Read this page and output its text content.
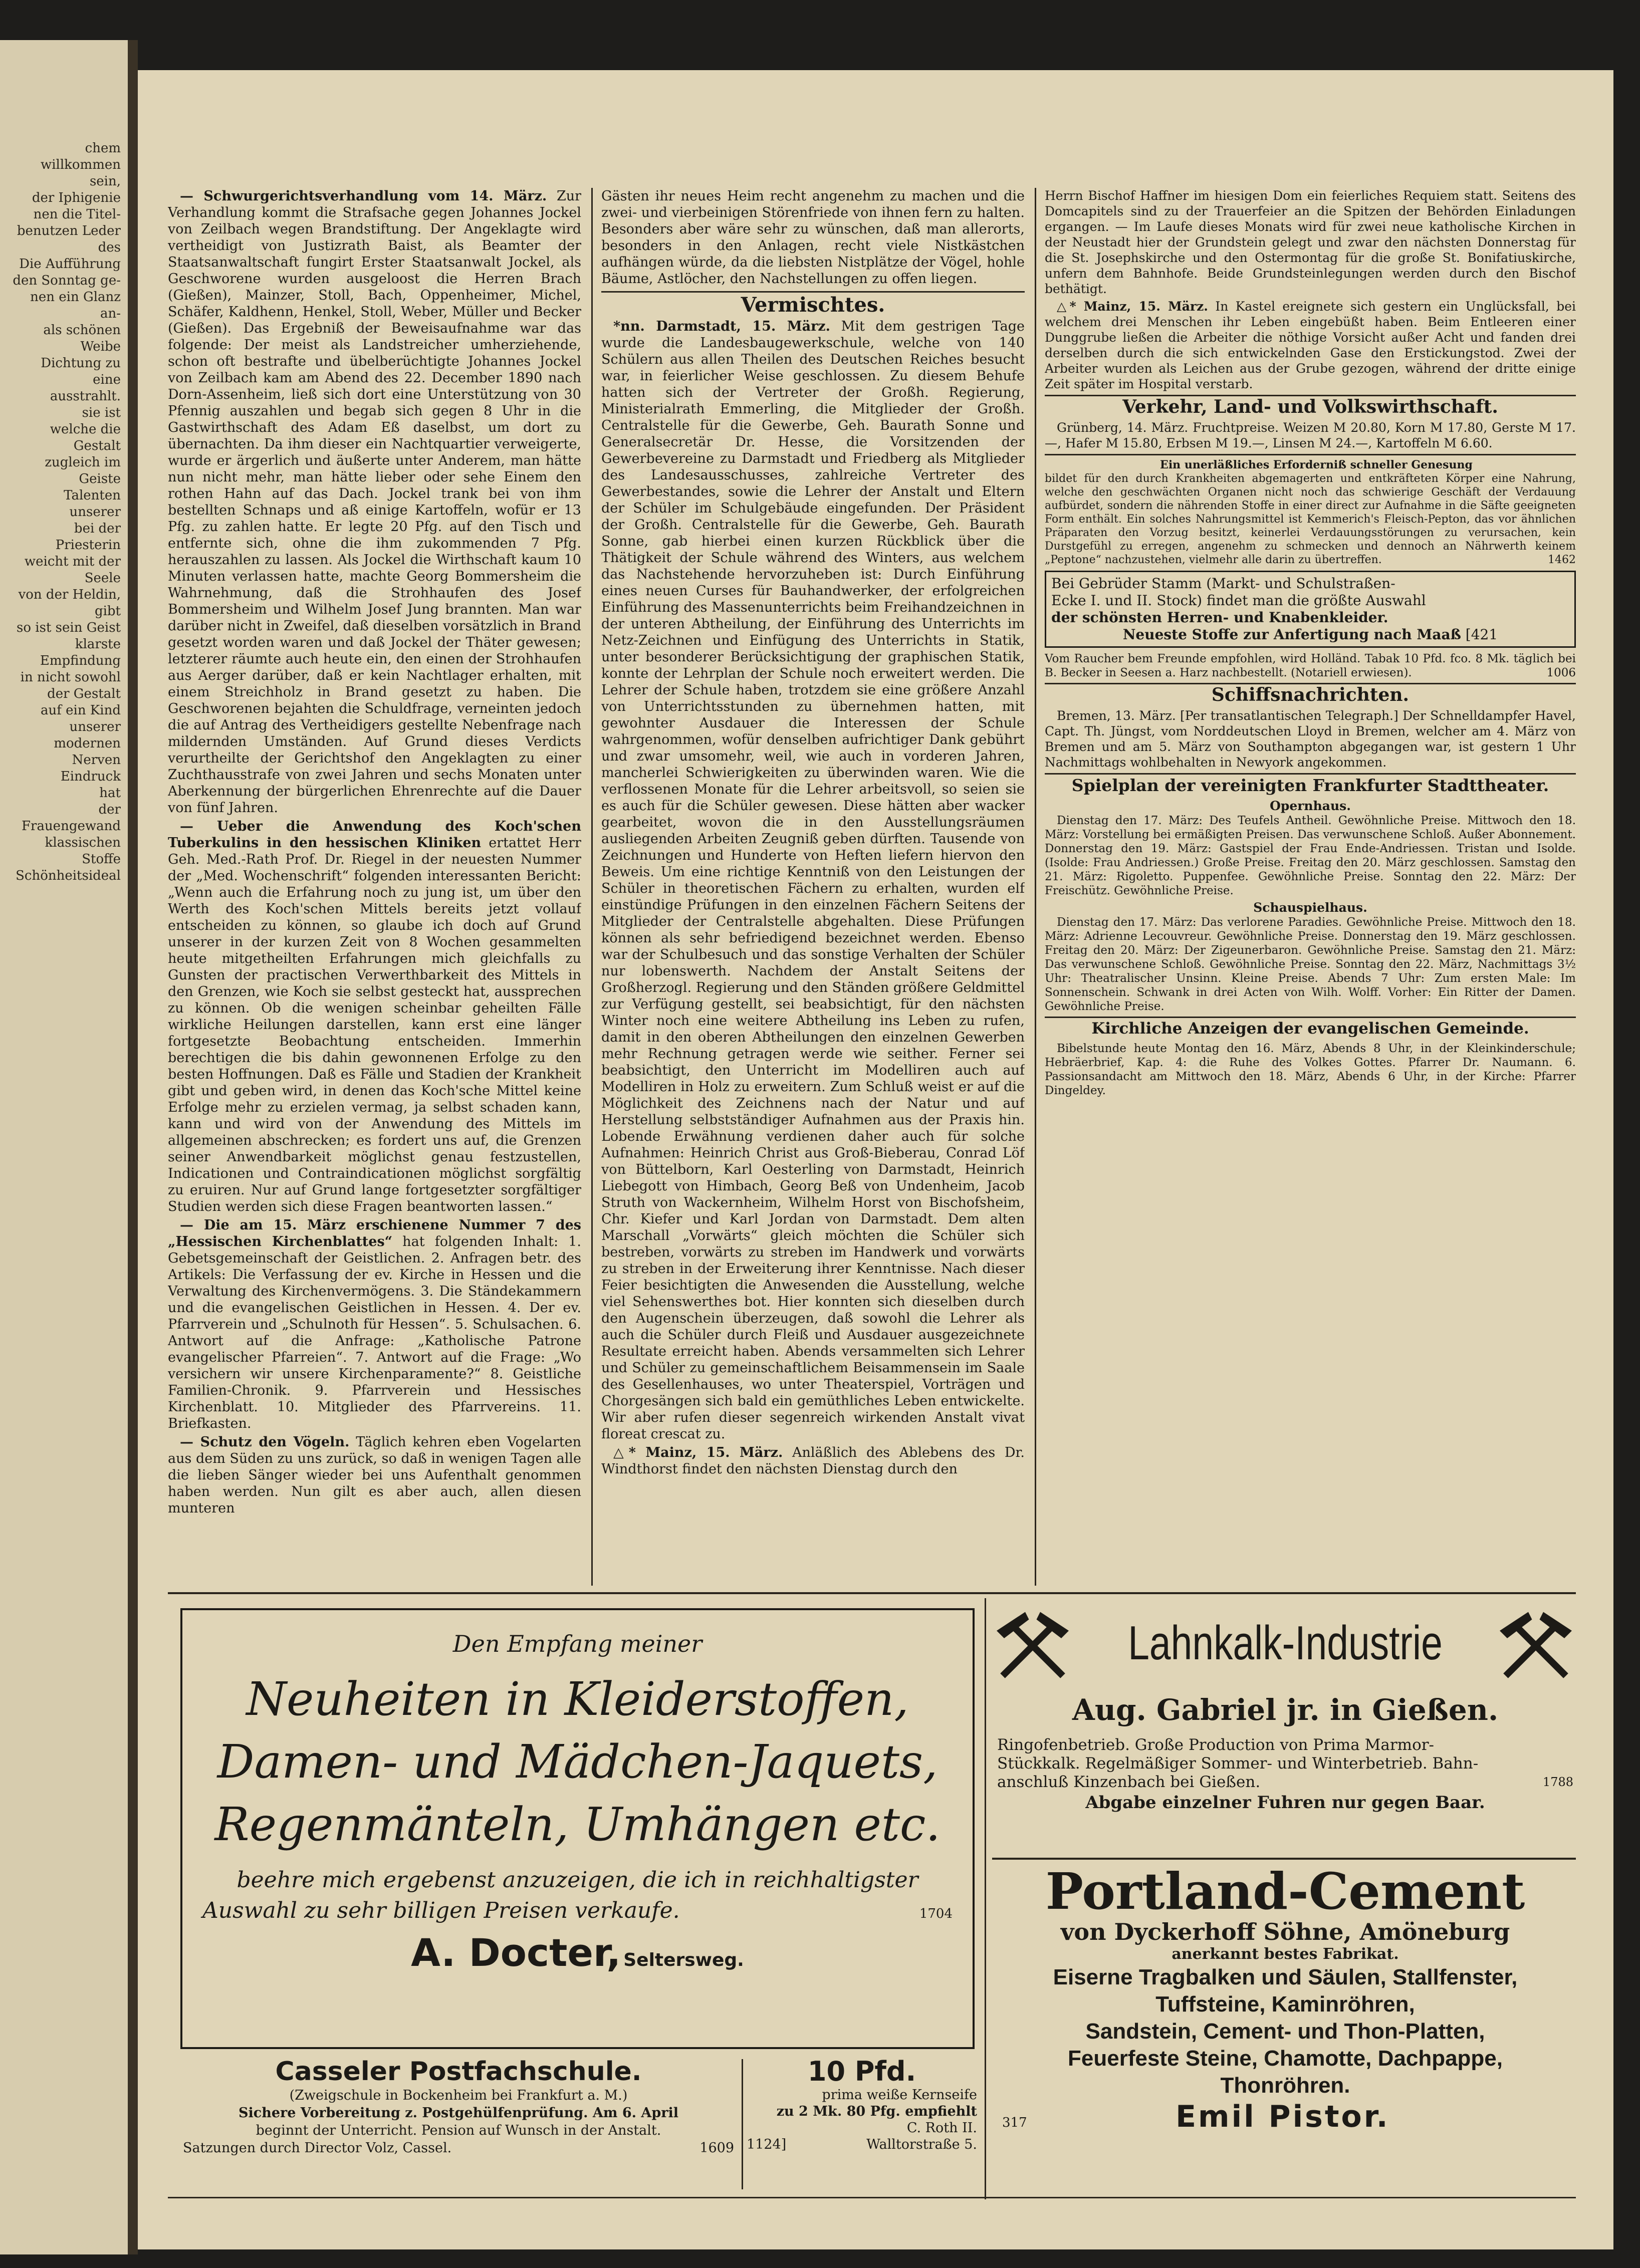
chem willkommen sein,
der Iphigenie
nen die Titel-
benutzen Leder des
Die Aufführung
den Sonntag ge-
nen ein Glanz an-
als schönen Weibe
Dichtung zu eine
ausstrahlt.
sie ist
welche die Gestalt
zugleich im Geiste
Talenten unserer
bei der Priesterin
weicht mit der Seele
von der Heldin, gibt
so ist sein Geist
klarste Empfindung
in nicht sowohl
der Gestalt
auf ein Kind unserer
modernen Nerven
Eindruck
hat
der Frauengewand
klassischen Stoffe
Schönheitsideal

— Schwurgerichtsverhandlung vom 14. März. Zur Verhandlung kommt die Strafsache gegen Johannes Jockel von Zeilbach wegen Brandstiftung. Der Angeklagte wird vertheidigt von Justizrath Baist, als Beamter der Staatsanwaltschaft fungirt Erster Staatsanwalt Jockel, als Geschworene wurden ausgeloost die Herren Brach (Gießen), Mainzer, Stoll, Bach, Oppenheimer, Michel, Schäfer, Kaldhenn, Henkel, Stoll, Weber, Müller und Becker (Gießen). Das Ergebniß der Beweisaufnahme war das folgende: Der meist als Landstreicher umherziehende, schon oft bestrafte und übelberüchtigte Johannes Jockel von Zeilbach kam am Abend des 22. December 1890 nach Dorn-Assenheim, ließ sich dort eine Unterstützung von 30 Pfennig auszahlen und begab sich gegen 8 Uhr in die Gastwirthschaft des Adam Eß daselbst, um dort zu übernachten. Da ihm dieser ein Nachtquartier verweigerte, wurde er ärgerlich und äußerte unter Anderem, man hätte nun nicht mehr, man hätte lieber oder sehe Einem den rothen Hahn auf das Dach. Jockel trank bei von ihm bestellten Schnaps und aß einige Kartoffeln, wofür er 13 Pfg. zu zahlen hatte. Er legte 20 Pfg. auf den Tisch und entfernte sich, ohne die ihm zukommenden 7 Pfg. herauszahlen zu lassen. Als Jockel die Wirthschaft kaum 10 Minuten verlassen hatte, machte Georg Bommersheim die Wahrnehmung, daß die Strohhaufen des Josef Bommersheim und Wilhelm Josef Jung brannten. Man war darüber nicht in Zweifel, daß dieselben vorsätzlich in Brand gesetzt worden waren und daß Jockel der Thäter gewesen; letzterer räumte auch heute ein, den einen der Strohhaufen aus Aerger darüber, daß er kein Nachtlager erhalten, mit einem Streichholz in Brand gesetzt zu haben. Die Geschworenen bejahten die Schuldfrage, verneinten jedoch die auf Antrag des Vertheidigers gestellte Nebenfrage nach mildernden Umständen. Auf Grund dieses Verdicts verurtheilte der Gerichtshof den Angeklagten zu einer Zuchthausstrafe von zwei Jahren und sechs Monaten unter Aberkennung der bürgerlichen Ehrenrechte auf die Dauer von fünf Jahren.

— Ueber die Anwendung des Koch'schen Tuberkulins in den hessischen Kliniken ertattet Herr Geh. Med.-Rath Prof. Dr. Riegel in der neuesten Nummer der „Med. Wochenschrift“ folgenden interessanten Bericht: „Wenn auch die Erfahrung noch zu jung ist, um über den Werth des Koch'schen Mittels bereits jetzt vollauf entscheiden zu können, so glaube ich doch auf Grund unserer in der kurzen Zeit von 8 Wochen gesammelten heute mitgetheilten Erfahrungen mich gleichfalls zu Gunsten der practischen Verwerthbarkeit des Mittels in den Grenzen, wie Koch sie selbst gesteckt hat, aussprechen zu können. Ob die wenigen scheinbar geheilten Fälle wirkliche Heilungen darstellen, kann erst eine länger fortgesetzte Beobachtung entscheiden. Immerhin berechtigen die bis dahin gewonnenen Erfolge zu den besten Hoffnungen. Daß es Fälle und Stadien der Krankheit gibt und geben wird, in denen das Koch'sche Mittel keine Erfolge mehr zu erzielen vermag, ja selbst schaden kann, kann und wird von der Anwendung des Mittels im allgemeinen abschrecken; es fordert uns auf, die Grenzen seiner Anwendbarkeit möglichst genau festzustellen, Indicationen und Contraindicationen möglichst sorgfältig zu eruiren. Nur auf Grund lange fortgesetzter sorgfältiger Studien werden sich diese Fragen beantworten lassen.“

— Die am 15. März erschienene Nummer 7 des „Hessischen Kirchenblattes“ hat folgenden Inhalt: 1. Gebetsgemeinschaft der Geistlichen. 2. Anfragen betr. des Artikels: Die Verfassung der ev. Kirche in Hessen und die Verwaltung des Kirchenvermögens. 3. Die Ständekammern und die evangelischen Geistlichen in Hessen. 4. Der ev. Pfarrverein und „Schulnoth für Hessen“. 5. Schulsachen. 6. Antwort auf die Anfrage: „Katholische Patrone evangelischer Pfarreien“. 7. Antwort auf die Frage: „Wo versichern wir unsere Kirchenparamente?“ 8. Geistliche Familien-Chronik. 9. Pfarrverein und Hessisches Kirchenblatt. 10. Mitglieder des Pfarrvereins. 11. Briefkasten.

— Schutz den Vögeln. Täglich kehren eben Vogelarten aus dem Süden zu uns zurück, so daß in wenigen Tagen alle die lieben Sänger wieder bei uns Aufenthalt genommen haben werden. Nun gilt es aber auch, allen diesen munteren

Gästen ihr neues Heim recht angenehm zu machen und die zwei- und vierbeinigen Störenfriede von ihnen fern zu halten. Besonders aber wäre sehr zu wünschen, daß man allerorts, besonders in den Anlagen, recht viele Nistkästchen aufhängen würde, da die liebsten Nistplätze der Vögel, hohle Bäume, Astlöcher, den Nachstellungen zu offen liegen.

Vermischtes.

*nn. Darmstadt, 15. März. Mit dem gestrigen Tage wurde die Landesbaugewerkschule, welche von 140 Schülern aus allen Theilen des Deutschen Reiches besucht war, in feierlicher Weise geschlossen. Zu diesem Behufe hatten sich der Vertreter der Großh. Regierung, Ministerialrath Emmerling, die Mitglieder der Großh. Centralstelle für die Gewerbe, Geh. Baurath Sonne und Generalsecretär Dr. Hesse, die Vorsitzenden der Gewerbevereine zu Darmstadt und Friedberg als Mitglieder des Landesausschusses, zahlreiche Vertreter des Gewerbestandes, sowie die Lehrer der Anstalt und Eltern der Schüler im Schulgebäude eingefunden. Der Präsident der Großh. Centralstelle für die Gewerbe, Geh. Baurath Sonne, gab hierbei einen kurzen Rückblick über die Thätigkeit der Schule während des Winters, aus welchem das Nachstehende hervorzuheben ist: Durch Einführung eines neuen Curses für Bauhandwerker, der erfolgreichen Einführung des Massenunterrichts beim Freihandzeichnen in der unteren Abtheilung, der Einführung des Unterrichts im Netz-Zeichnen und Einfügung des Unterrichts in Statik, unter besonderer Berücksichtigung der graphischen Statik, konnte der Lehrplan der Schule noch erweitert werden. Die Lehrer der Schule haben, trotzdem sie eine größere Anzahl von Unterrichtsstunden zu übernehmen hatten, mit gewohnter Ausdauer die Interessen der Schule wahrgenommen, wofür denselben aufrichtiger Dank gebührt und zwar umsomehr, weil, wie auch in vorderen Jahren, mancherlei Schwierigkeiten zu überwinden waren. Wie die verflossenen Monate für die Lehrer arbeitsvoll, so seien sie es auch für die Schüler gewesen. Diese hätten aber wacker gearbeitet, wovon die in den Ausstellungsräumen ausliegenden Arbeiten Zeugniß geben dürften. Tausende von Zeichnungen und Hunderte von Heften liefern hiervon den Beweis. Um eine richtige Kenntniß von den Leistungen der Schüler in theoretischen Fächern zu erhalten, wurden elf einstündige Prüfungen in den einzelnen Fächern Seitens der Mitglieder der Centralstelle abgehalten. Diese Prüfungen können als sehr befriedigend bezeichnet werden. Ebenso war der Schulbesuch und das sonstige Verhalten der Schüler nur lobenswerth. Nachdem der Anstalt Seitens der Großherzogl. Regierung und den Ständen größere Geldmittel zur Verfügung gestellt, sei beabsichtigt, für den nächsten Winter noch eine weitere Abtheilung ins Leben zu rufen, damit in den oberen Abtheilungen den einzelnen Gewerben mehr Rechnung getragen werde wie seither. Ferner sei beabsichtigt, den Unterricht im Modelliren auch auf Modelliren in Holz zu erweitern. Zum Schluß weist er auf die Möglichkeit des Zeichnens nach der Natur und auf Herstellung selbstständiger Aufnahmen aus der Praxis hin. Lobende Erwähnung verdienen daher auch für solche Aufnahmen: Heinrich Christ aus Groß-Bieberau, Conrad Löf von Büttelborn, Karl Oesterling von Darmstadt, Heinrich Liebegott von Himbach, Georg Beß von Undenheim, Jacob Struth von Wackernheim, Wilhelm Horst von Bischofsheim, Chr. Kiefer und Karl Jordan von Darmstadt. Dem alten Marschall „Vorwärts“ gleich möchten die Schüler sich bestreben, vorwärts zu streben im Handwerk und vorwärts zu streben in der Erweiterung ihrer Kenntnisse. Nach dieser Feier besichtigten die Anwesenden die Ausstellung, welche viel Sehenswerthes bot. Hier konnten sich dieselben durch den Augenschein überzeugen, daß sowohl die Lehrer als auch die Schüler durch Fleiß und Ausdauer ausgezeichnete Resultate erreicht haben. Abends versammelten sich Lehrer und Schüler zu gemeinschaftlichem Beisammensein im Saale des Gesellenhauses, wo unter Theaterspiel, Vorträgen und Chorgesängen sich bald ein gemüthliches Leben entwickelte. Wir aber rufen dieser segenreich wirkenden Anstalt vivat floreat crescat zu.

△* Mainz, 15. März. Anläßlich des Ablebens des Dr. Windthorst findet den nächsten Dienstag durch den

Herrn Bischof Haffner im hiesigen Dom ein feierliches Requiem statt. Seitens des Domcapitels sind zu der Trauerfeier an die Spitzen der Behörden Einladungen ergangen. — Im Laufe dieses Monats wird für zwei neue katholische Kirchen in der Neustadt hier der Grundstein gelegt und zwar den nächsten Donnerstag für die St. Josephskirche und den Ostermontag für die große St. Bonifatiuskirche, unfern dem Bahnhofe. Beide Grundsteinlegungen werden durch den Bischof bethätigt.

△* Mainz, 15. März. In Kastel ereignete sich gestern ein Unglücksfall, bei welchem drei Menschen ihr Leben eingebüßt haben. Beim Entleeren einer Dunggrube ließen die Arbeiter die nöthige Vorsicht außer Acht und fanden drei derselben durch die sich entwickelnden Gase den Erstickungstod. Zwei der Arbeiter wurden als Leichen aus der Grube gezogen, während der dritte einige Zeit später im Hospital verstarb.

Verkehr, Land- und Volkswirthschaft.

Grünberg, 14. März. Fruchtpreise. Weizen M 20.80, Korn M 17.80, Gerste M 17.—, Hafer M 15.80, Erbsen M 19.—, Linsen M 24.—, Kartoffeln M 6.60.

Ein unerläßliches Erforderniß schneller Genesung
bildet für den durch Krankheiten abgemagerten und entkräfteten Körper eine Nahrung, welche den geschwächten Organen nicht noch das schwierige Geschäft der Verdauung aufbürdet, sondern die nährenden Stoffe in einer direct zur Aufnahme in die Säfte geeigneten Form enthält. Ein solches Nahrungsmittel ist Kemmerich's Fleisch-Pepton, das vor ähnlichen Präparaten den Vorzug besitzt, keinerlei Verdauungsstörungen zu verursachen, kein Durstgefühl zu erregen, angenehm zu schmecken und dennoch an Nährwerth keinem „Peptone“ nachzustehen, vielmehr alle darin zu übertreffen.	1462

Bei Gebrüder Stamm (Markt- und Schulstraßen-
Ecke I. und II. Stock) findet man die größte Auswahl
der schönsten Herren- und Knabenkleider.
Neueste Stoffe zur Anfertigung nach Maaß [421

Vom Raucher bem Freunde empfohlen, wird Holländ. Tabak 10 Pfd. fco. 8 Mk. täglich bei B. Becker in Seesen a. Harz nachbestellt. (Notariell erwiesen).	1006

Schiffsnachrichten.

Bremen, 13. März. [Per transatlantischen Telegraph.] Der Schnelldampfer Havel, Capt. Th. Jüngst, vom Norddeutschen Lloyd in Bremen, welcher am 4. März von Bremen und am 5. März von Southampton abgegangen war, ist gestern 1 Uhr Nachmittags wohlbehalten in Newyork angekommen.

Spielplan der vereinigten Frankfurter Stadttheater.
Opernhaus.

Dienstag den 17. März: Des Teufels Antheil. Gewöhnliche Preise. Mittwoch den 18. März: Vorstellung bei ermäßigten Preisen. Das verwunschene Schloß. Außer Abonnement. Donnerstag den 19. März: Gastspiel der Frau Ende-Andriessen. Tristan und Isolde. (Isolde: Frau Andriessen.) Große Preise. Freitag den 20. März geschlossen. Samstag den 21. März: Rigoletto. Puppenfee. Gewöhnliche Preise. Sonntag den 22. März: Der Freischütz. Gewöhnliche Preise.

Schauspielhaus.

Dienstag den 17. März: Das verlorene Paradies. Gewöhnliche Preise. Mittwoch den 18. März: Adrienne Lecouvreur. Gewöhnliche Preise. Donnerstag den 19. März geschlossen. Freitag den 20. März: Der Zigeunerbaron. Gewöhnliche Preise. Samstag den 21. März: Das verwunschene Schloß. Gewöhnliche Preise. Sonntag den 22. März, Nachmittags 3½ Uhr: Theatralischer Unsinn. Kleine Preise. Abends 7 Uhr: Zum ersten Male: Im Sonnenschein. Schwank in drei Acten von Wilh. Wolff. Vorher: Ein Ritter der Damen. Gewöhnliche Preise.

Kirchliche Anzeigen der evangelischen Gemeinde.

Bibelstunde heute Montag den 16. März, Abends 8 Uhr, in der Kleinkinderschule; Hebräerbrief, Kap. 4: die Ruhe des Volkes Gottes. Pfarrer Dr. Naumann. 6. Passionsandacht am Mittwoch den 18. März, Abends 6 Uhr, in der Kirche: Pfarrer Dingeldey.

Den Empfang meiner
Neuheiten in Kleiderstoffen,
Damen- und Mädchen-Jaquets,
Regenmänteln, Umhängen etc.
beehre mich ergebenst anzuzeigen, die ich in reichhaltigster
Auswahl zu sehr billigen Preisen verkaufe.	1704
A. Docter, Seltersweg.
Casseler Postfachschule.
(Zweigschule in Bockenheim bei Frankfurt a. M.)
Sichere Vorbereitung z. Postgehülfenprüfung. Am 6. April
beginnt der Unterricht. Pension auf Wunsch in der Anstalt.
Satzungen durch Director Volz, Cassel.	1609
10 Pfd.
prima weiße Kernseife
zu 2 Mk. 80 Pfg. empfiehlt
C. Roth II.
1124]	Walltorstraße 5.
Lahnkalk-Industrie
Aug. Gabriel jr. in Gießen.
Ringofenbetrieb. Große Production von Prima Marmor-
Stückkalk. Regelmäßiger Sommer- und Winterbetrieb. Bahn-
anschluß Kinzenbach bei Gießen.	1788
Abgabe einzelner Fuhren nur gegen Baar.
Portland-Cement
von Dyckerhoff Söhne, Amöneburg
anerkannt bestes Fabrikat.
Eiserne Tragbalken und Säulen, Stallfenster,
Tuffsteine, Kaminröhren,
Sandstein, Cement- und Thon-Platten,
Feuerfeste Steine, Chamotte, Dachpappe,
Thonröhren.
317	Emil Pistor.
